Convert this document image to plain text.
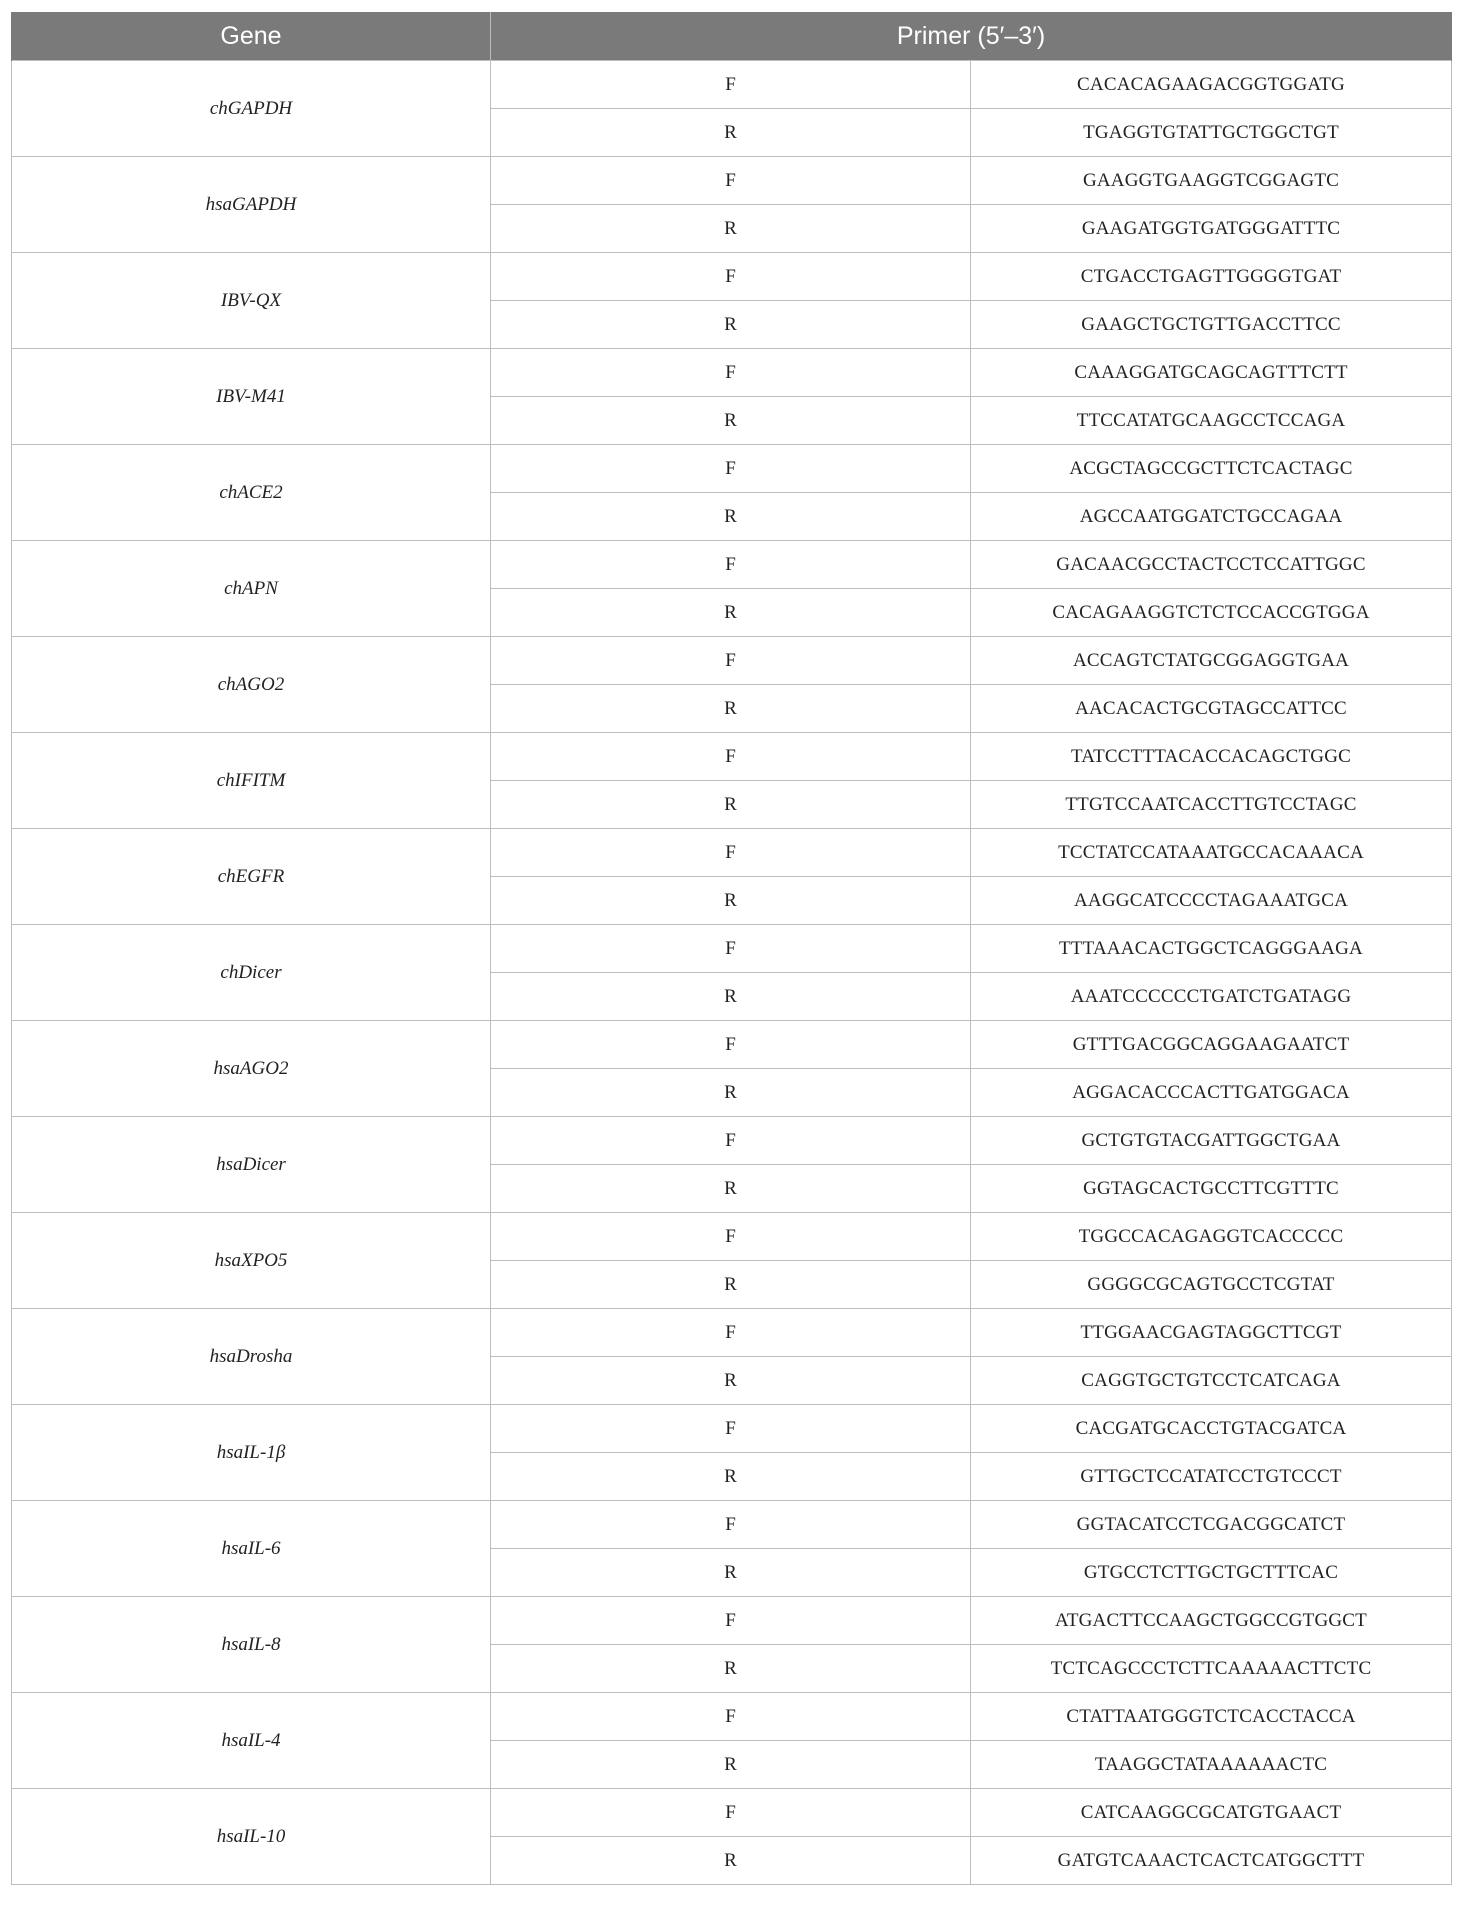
Gene	Primer (5′–3′)	
chGAPDH	F	CACACAGAAGACGGTGGATG
	R	TGAGGTGTATTGCTGGCTGT
hsaGAPDH	F	GAAGGTGAAGGTCGGAGTC
	R	GAAGATGGTGATGGGATTTC
IBV-QX	F	CTGACCTGAGTTGGGGTGAT
	R	GAAGCTGCTGTTGACCTTCC
IBV-M41	F	CAAAGGATGCAGCAGTTTCTT
	R	TTCCATATGCAAGCCTCCAGA
chACE2	F	ACGCTAGCCGCTTCTCACTAGC
	R	AGCCAATGGATCTGCCAGAA
chAPN	F	GACAACGCCTACTCCTCCATTGGC
	R	CACAGAAGGTCTCTCCACCGTGGA
chAGO2	F	ACCAGTCTATGCGGAGGTGAA
	R	AACACACTGCGTAGCCATTCC
chIFITM	F	TATCCTTTACACCACAGCTGGC
	R	TTGTCCAATCACCTTGTCCTAGC
chEGFR	F	TCCTATCCATAAATGCCACAAACA
	R	AAGGCATCCCCTAGAAATGCA
chDicer	F	TTTAAACACTGGCTCAGGGAAGA
	R	AAATCCCCCCTGATCTGATAGG
hsaAGO2	F	GTTTGACGGCAGGAAGAATCT
	R	AGGACACCCACTTGATGGACA
hsaDicer	F	GCTGTGTACGATTGGCTGAA
	R	GGTAGCACTGCCTTCGTTTC
hsaXPO5	F	TGGCCACAGAGGTCACCCCC
	R	GGGGCGCAGTGCCTCGTAT
hsaDrosha	F	TTGGAACGAGTAGGCTTCGT
	R	CAGGTGCTGTCCTCATCAGA
hsaIL-1β	F	CACGATGCACCTGTACGATCA
	R	GTTGCTCCATATCCTGTCCCT
hsaIL-6	F	GGTACATCCTCGACGGCATCT
	R	GTGCCTCTTGCTGCTTTCAC
hsaIL-8	F	ATGACTTCCAAGCTGGCCGTGGCT
	R	TCTCAGCCCTCTTCAAAAACTTCTC
hsaIL-4	F	CTATTAATGGGTCTCACCTACCA
	R	TAAGGCTATAAAAAACTC
hsaIL-10	F	CATCAAGGCGCATGTGAACT
	R	GATGTCAAACTCACTCATGGCTTT
